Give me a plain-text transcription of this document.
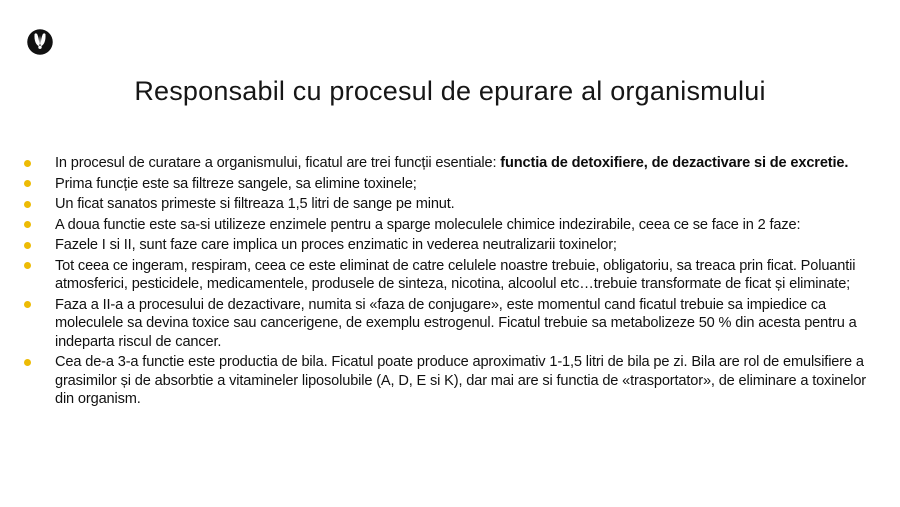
Responsabil cu procesul de epurare al organismului
In procesul de curatare a organismului, ficatul are trei funcții esentiale: functia de detoxifiere, de dezactivare si de excretie.
Prima funcție este sa filtreze sangele, sa elimine toxinele;
Un ficat sanatos primeste si filtreaza 1,5 litri de sange pe minut.
A doua functie este sa-si utilizeze enzimele pentru a sparge moleculele chimice indezirabile, ceea ce se face in 2 faze:
Fazele I si II, sunt faze care implica un proces enzimatic in vederea neutralizarii toxinelor;
Tot ceea ce ingeram, respiram, ceea ce este eliminat de catre celulele noastre trebuie, obligatoriu, sa treaca prin ficat. Poluantii atmosferici, pesticidele, medicamentele, produsele de sinteza, nicotina, alcoolul etc…trebuie transformate de ficat și eliminate;
Faza a II-a a procesului de dezactivare, numita si «faza de conjugare», este momentul cand ficatul trebuie sa impiedice ca moleculele sa devina toxice sau cancerigene, de exemplu estrogenul. Ficatul trebuie sa metabolizeze 50 % din acesta pentru a indeparta riscul de cancer.
Cea de-a 3-a functie este productia de bila. Ficatul poate produce aproximativ 1-1,5 litri de bila pe zi. Bila are rol de emulsifiere a grasimilor și de absorbtie a vitamineler liposolubile (A, D, E si K), dar mai are si functia de «trasportator», de eliminare a toxinelor din organism.
